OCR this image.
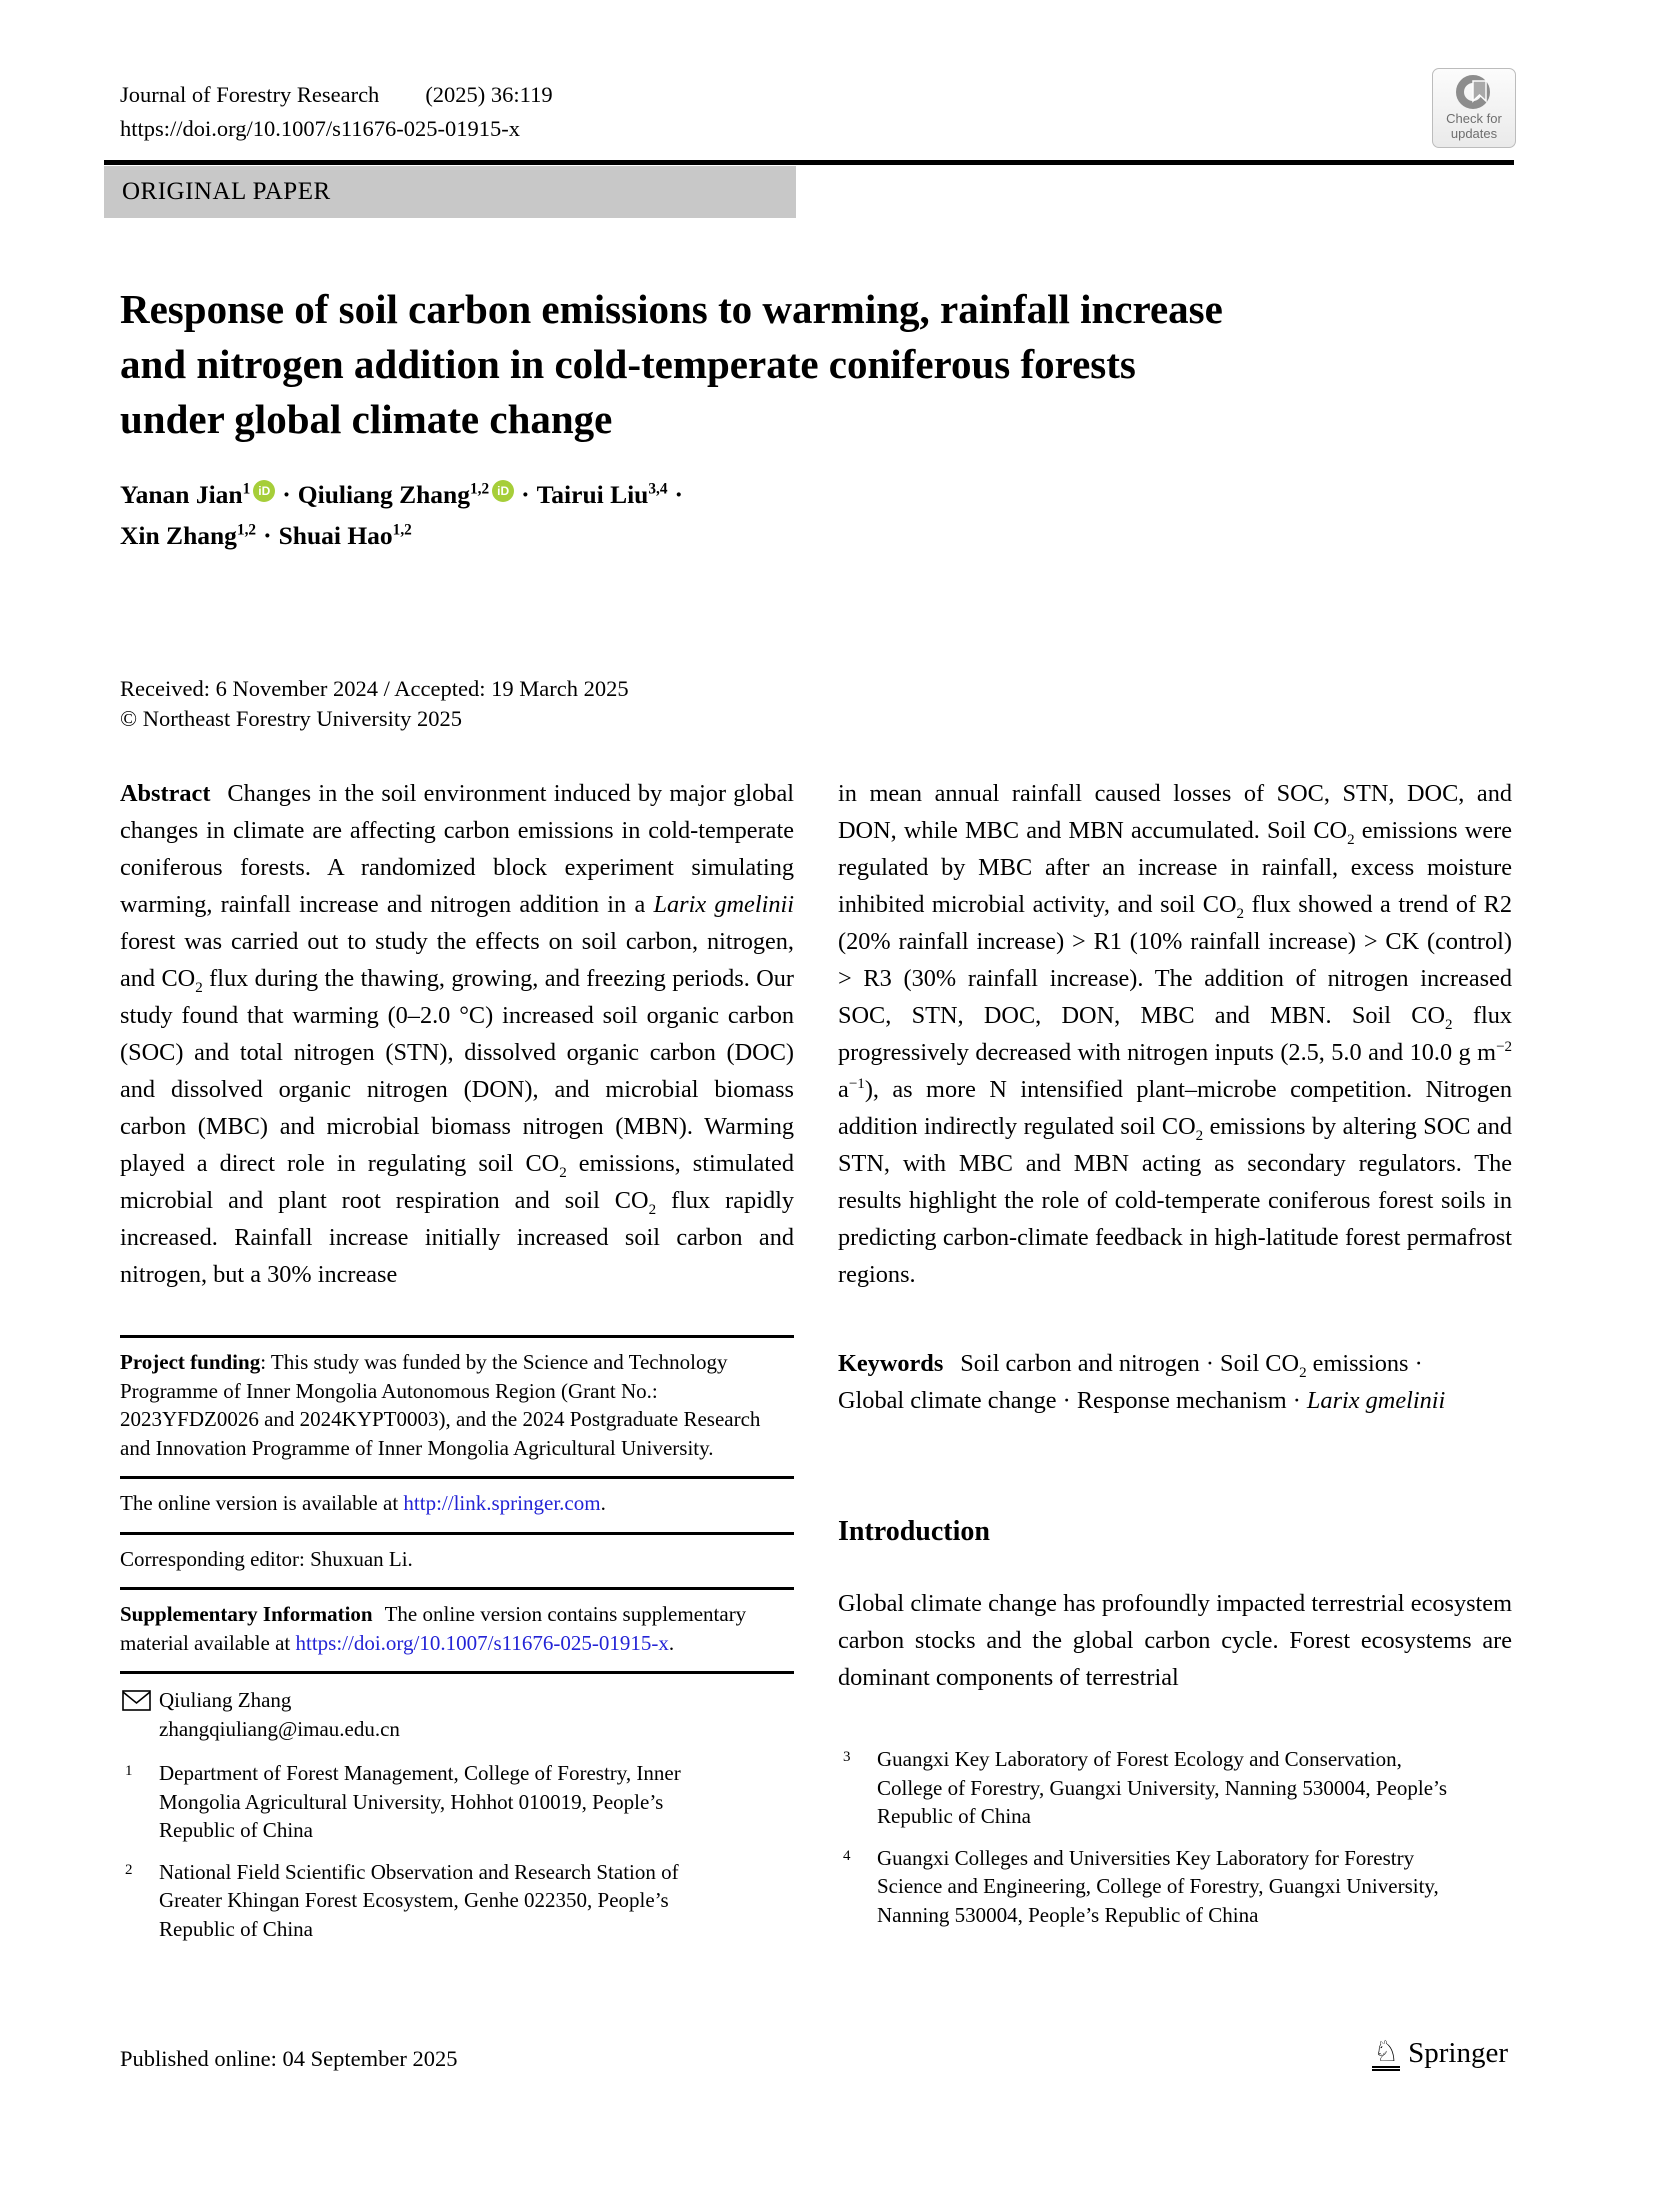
Journal of Forestry Research (2025) 36:119
https://doi.org/10.1007/s11676-025-01915-x	Check for
updates
ORIGINAL PAPER
Response of soil carbon emissions to warming, rainfall increase
and nitrogen addition in cold-temperate coniferous forests
under global climate change
Yanan Jian$^1$ iD · Qiuliang Zhang$^{1,2}$ iD · Tairui Liu$^{3,4}$ ·
Xin Zhang$^{1,2}$ · Shuai Hao$^{1,2}$
Received: 6 November 2024 / Accepted: 19 March 2025
© Northeast Forestry University 2025

Abstract Changes in the soil environment induced by major global changes in climate are affecting carbon emissions in cold-temperate coniferous forests. A randomized block experiment simulating warming, rainfall increase and nitrogen addition in a Larix gmelinii forest was carried out to study the effects on soil carbon, nitrogen, and $CO_2$ flux during the thawing, growing, and freezing periods. Our study found that warming (0–2.0 °C) increased soil organic carbon (SOC) and total nitrogen (STN), dissolved organic carbon (DOC) and dissolved organic nitrogen (DON), and microbial biomass carbon (MBC) and microbial biomass nitrogen (MBN). Warming played a direct role in regulating soil $CO_2$ emissions, stimulated microbial and plant root respiration and soil $CO_2$ flux rapidly increased. Rainfall increase initially increased soil carbon and nitrogen, but a 30% increase

Project funding: This study was funded by the Science and Technology Programme of Inner Mongolia Autonomous Region (Grant No.: 2023YFDZ0026 and 2024KYPT0003), and the 2024 Postgraduate Research and Innovation Programme of Inner Mongolia Agricultural University.

The online version is available at http://link.springer.com.

Corresponding editor: Shuxuan Li.

Supplementary Information The online version contains supplementary material available at https://doi.org/10.1007/s11676-025-01915-x.

Qiuliang Zhang
zhangqiuliang@imau.edu.cn
1	Department of Forest Management, College of Forestry, Inner Mongolia Agricultural University, Hohhot 010019, People’s Republic of China
2	National Field Scientific Observation and Research Station of Greater Khingan Forest Ecosystem, Genhe 022350, People’s Republic of China

in mean annual rainfall caused losses of SOC, STN, DOC, and DON, while MBC and MBN accumulated. Soil $CO_2$ emissions were regulated by MBC after an increase in rainfall, excess moisture inhibited microbial activity, and soil $CO_2$ flux showed a trend of R2 (20% rainfall increase) > R1 (10% rainfall increase) > CK (control) > R3 (30% rainfall increase). The addition of nitrogen increased SOC, STN, DOC, DON, MBC and MBN. Soil $CO_2$ flux progressively decreased with nitrogen inputs (2.5, 5.0 and 10.0 g $m^{-2}$ $a^{-1}$), as more N intensified plant–microbe competition. Nitrogen addition indirectly regulated soil $CO_2$ emissions by altering SOC and STN, with MBC and MBN acting as secondary regulators. The results highlight the role of cold-temperate coniferous forest soils in predicting carbon-climate feedback in high-latitude forest permafrost regions.

Keywords Soil carbon and nitrogen · Soil $CO_2$ emissions · Global climate change · Response mechanism · Larix gmelinii

Introduction

Global climate change has profoundly impacted terrestrial ecosystem carbon stocks and the global carbon cycle. Forest ecosystems are dominant components of terrestrial

3	Guangxi Key Laboratory of Forest Ecology and Conservation, College of Forestry, Guangxi University, Nanning 530004, People’s Republic of China
4	Guangxi Colleges and Universities Key Laboratory for Forestry Science and Engineering, College of Forestry, Guangxi University, Nanning 530004, People’s Republic of China
Published online: 04 September 2025	♘ Springer
